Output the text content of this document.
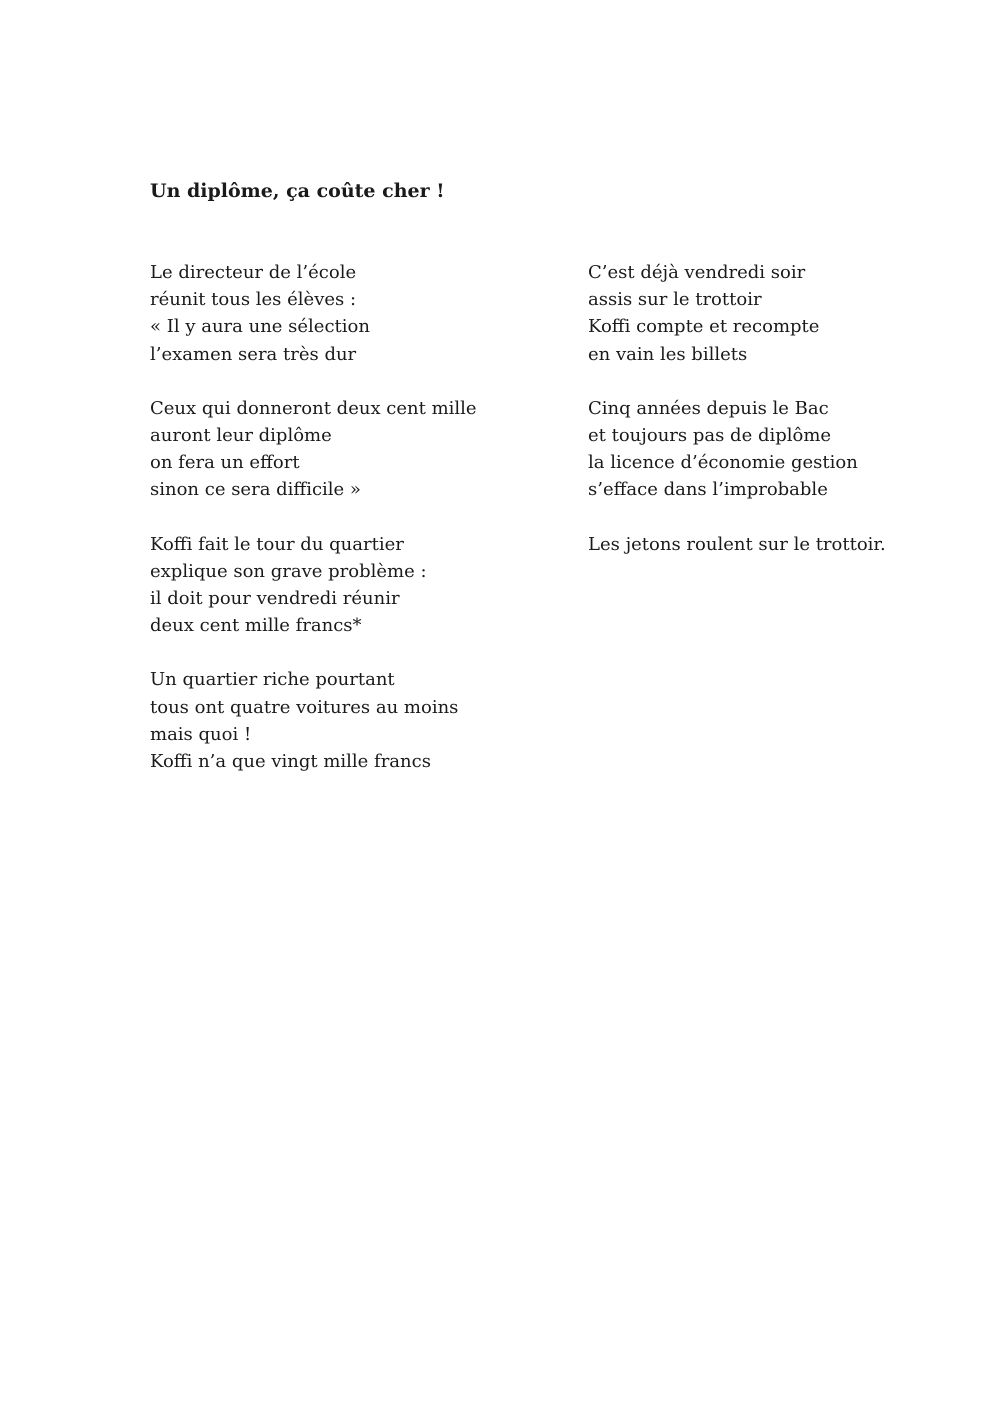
Un diplôme, ça coûte cher !
Le directeur de l’école
réunit tous les élèves :
« Il y aura une sélection
l’examen sera très dur
Ceux qui donneront deux cent mille
auront leur diplôme
on fera un effort
sinon ce sera difficile »
Koffi fait le tour du quartier
explique son grave problème :
il doit pour vendredi réunir
deux cent mille francs*
Un quartier riche pourtant
tous ont quatre voitures au moins
mais quoi !
Koffi n’a que vingt mille francs
C’est déjà vendredi soir
assis sur le trottoir
Koffi compte et recompte
en vain les billets
Cinq années depuis le Bac
et toujours pas de diplôme
la licence d’économie gestion
s’efface dans l’improbable
Les jetons roulent sur le trottoir.
